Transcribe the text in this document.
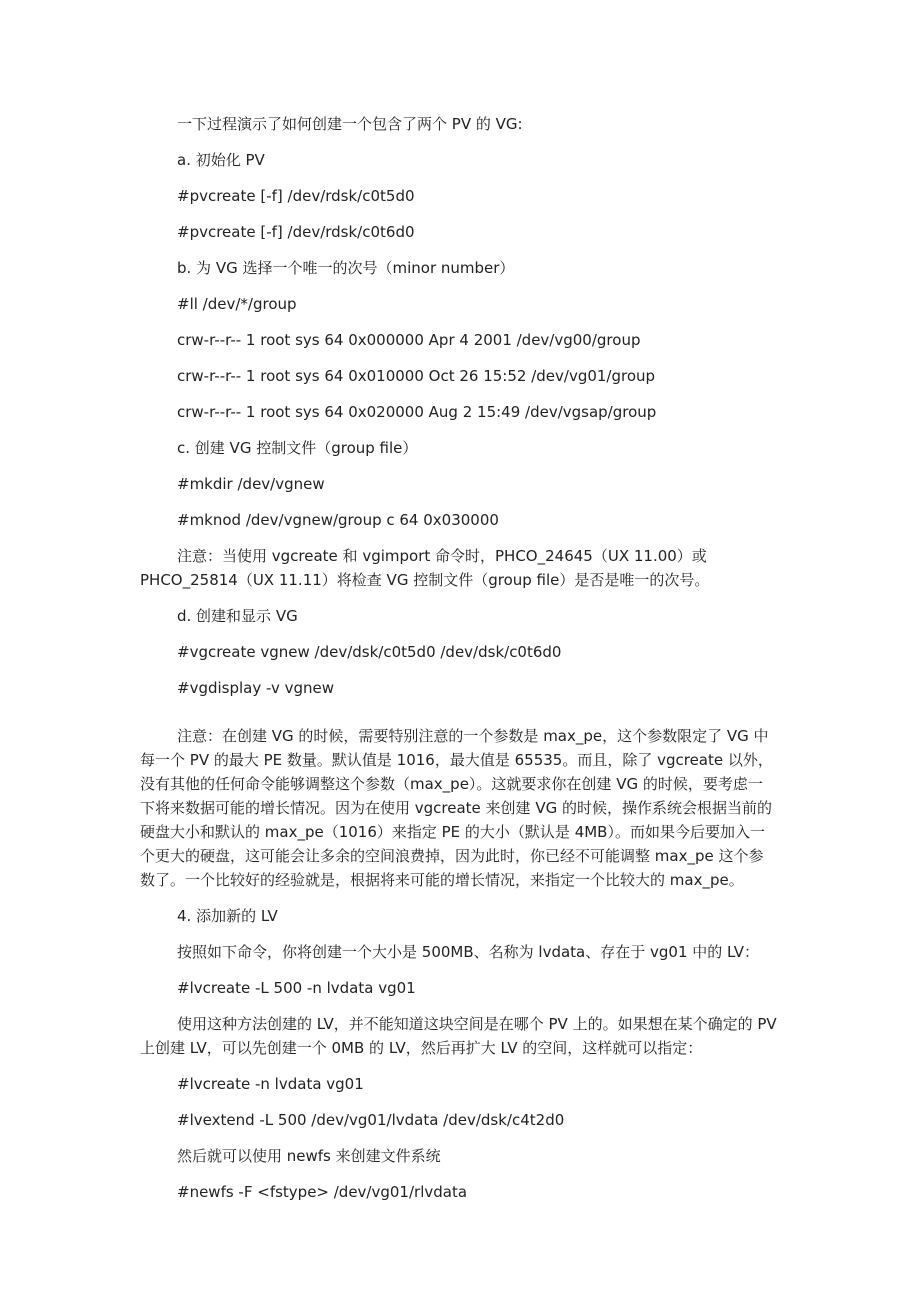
一下过程演示了如何创建一个包含了两个 PV 的 VG:
a. 初始化 PV
#pvcreate [-f] /dev/rdsk/c0t5d0
#pvcreate [-f] /dev/rdsk/c0t6d0
b. 为 VG 选择一个唯一的次号（minor number）
#ll /dev/*/group
crw-r--r-- 1 root sys 64 0x000000 Apr 4 2001 /dev/vg00/group
crw-r--r-- 1 root sys 64 0x010000 Oct 26 15:52 /dev/vg01/group
crw-r--r-- 1 root sys 64 0x020000 Aug 2 15:49 /dev/vgsap/group
c. 创建 VG 控制文件（group file）
#mkdir /dev/vgnew
#mknod /dev/vgnew/group c 64 0x030000
注意：当使用 vgcreate 和 vgimport 命令时，PHCO_24645（UX 11.00）或
PHCO_25814（UX 11.11）将检查 VG 控制文件（group file）是否是唯一的次号。
d. 创建和显示 VG
#vgcreate vgnew /dev/dsk/c0t5d0 /dev/dsk/c0t6d0
#vgdisplay -v vgnew
注意：在创建 VG 的时候，需要特别注意的一个参数是 max_pe，这个参数限定了 VG 中
每一个 PV 的最大 PE 数量。默认值是 1016，最大值是 65535。而且，除了 vgcreate 以外，
没有其他的任何命令能够调整这个参数（max_pe）。这就要求你在创建 VG 的时候，要考虑一
下将来数据可能的增长情况。因为在使用 vgcreate 来创建 VG 的时候，操作系统会根据当前的
硬盘大小和默认的 max_pe（1016）来指定 PE 的大小（默认是 4MB）。而如果今后要加入一
个更大的硬盘，这可能会让多余的空间浪费掉，因为此时，你已经不可能调整 max_pe 这个参
数了。一个比较好的经验就是，根据将来可能的增长情况，来指定一个比较大的 max_pe。
4. 添加新的 LV
按照如下命令，你将创建一个大小是 500MB、名称为 lvdata、存在于 vg01 中的 LV：
#lvcreate -L 500 -n lvdata vg01
使用这种方法创建的 LV，并不能知道这块空间是在哪个 PV 上的。如果想在某个确定的 PV
上创建 LV，可以先创建一个 0MB 的 LV，然后再扩大 LV 的空间，这样就可以指定：
#lvcreate -n lvdata vg01
#lvextend -L 500 /dev/vg01/lvdata /dev/dsk/c4t2d0
然后就可以使用 newfs 来创建文件系统
#newfs -F <fstype> /dev/vg01/rlvdata
